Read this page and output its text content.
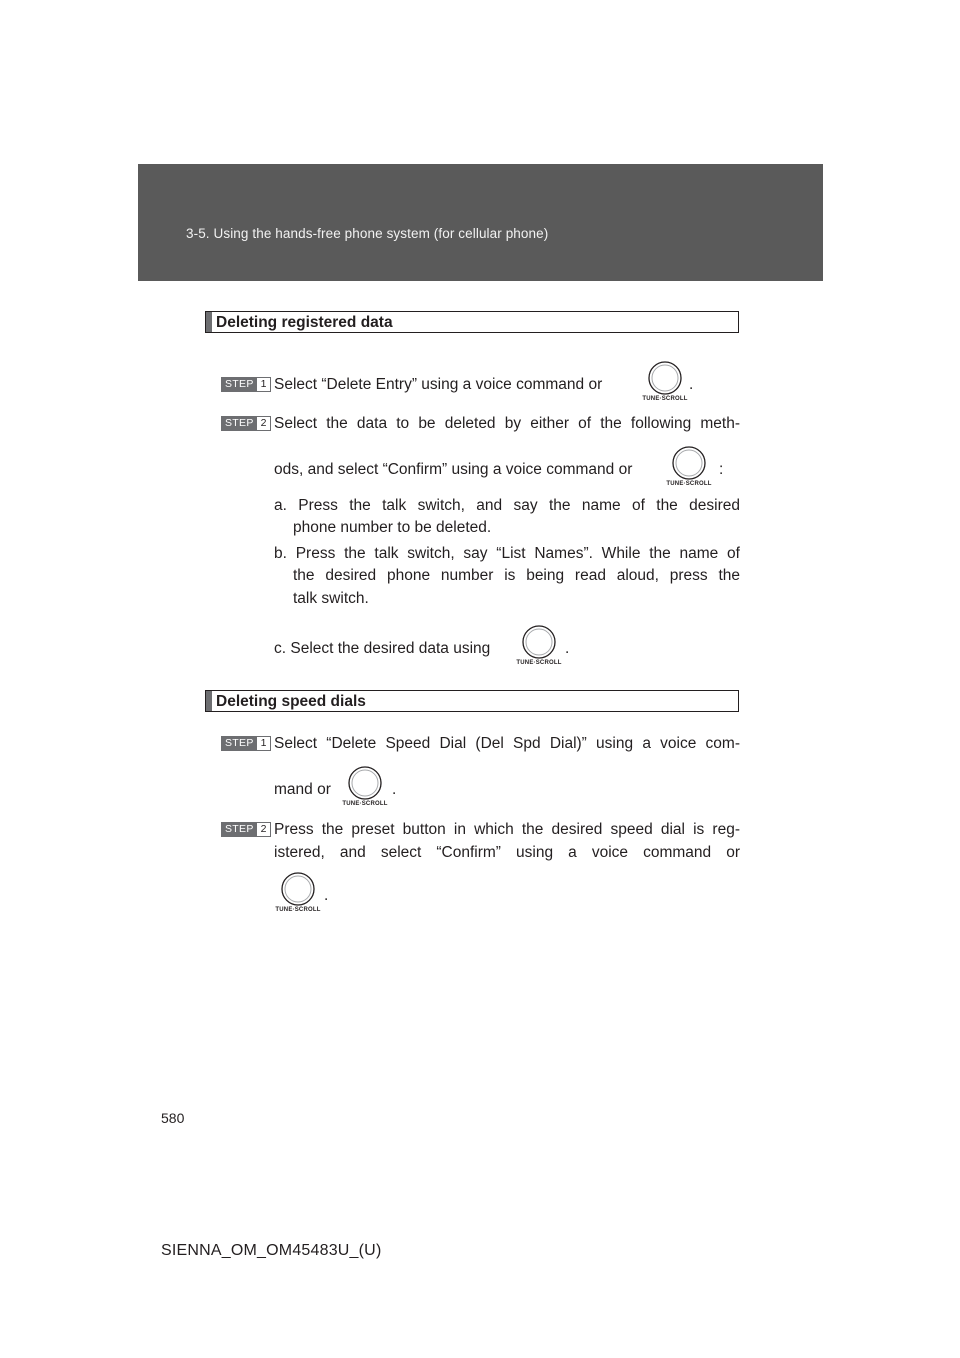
3-5. Using the hands-free phone system (for cellular phone)
Deleting registered data
STEP 1 Select “Delete Entry” using a voice command or
TUNE·SCROLL
.
STEP 2 Select the data to be deleted by either of the following meth-
ods, and select “Confirm” using a voice command or
TUNE·SCROLL
:
a. Press the talk switch, and say the name of the desired
phone number to be deleted.
b. Press the talk switch, say “List Names”. While the name of
the desired phone number is being read aloud, press the
talk switch.
c. Select the desired data using
TUNE·SCROLL
.
Deleting speed dials
STEP 1 Select “Delete Speed Dial (Del Spd Dial)” using a voice com-
mand or
TUNE·SCROLL
.
STEP 2 Press the preset button in which the desired speed dial is reg-
istered, and select “Confirm” using a voice command or
TUNE·SCROLL
.
580
SIENNA_OM_OM45483U_(U)
